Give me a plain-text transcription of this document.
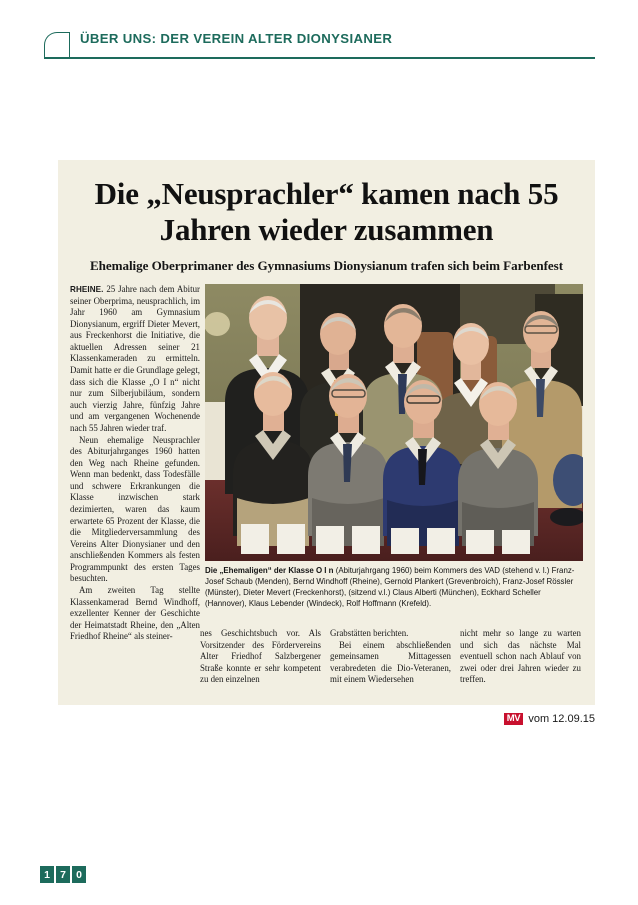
ÜBER UNS: DER VEREIN ALTER DIONYSIANER
Die „Neusprachler“ kamen nach 55 Jahren wieder zusammen
Ehemalige Oberprimaner des Gymnasiums Dionysianum trafen sich beim Farbenfest

RHEINE. 25 Jahre nach dem Abitur seiner Oberprima, neusprachlich, im Jahr 1960 am Gymnasium Dionysianum, ergriff Dieter Mevert, aus Freckenhorst die Initiative, die aktuellen Adressen seiner 21 Klassenkameraden zu ermitteln. Damit hatte er die Grundlage gelegt, dass sich die Klasse „O I n“ nicht nur zum Silberjubiläum, sondern auch vierzig Jahre, fünfzig Jahre und am vergangenen Wochenende nach 55 Jahren wieder traf.

Neun ehemalige Neusprachler des Abiturjahrganges 1960 hatten den Weg nach Rheine gefunden. Wenn man bedenkt, dass Todesfälle und schwere Erkrankungen die Klasse inzwischen stark dezimierten, waren das kaum erwartete 65 Prozent der Klasse, die die Mitgliederversammlung des Vereins Alter Dionysianer und den anschließenden Kommers als festen Programmpunkt des ersten Tages besuchten.

Am zweiten Tag stellte Klassenkamerad Bernd Windhoff, exzellenter Kenner der Geschichte der Heimatstadt Rheine, den „Alten Friedhof Rheine“ als steiner-

Die „Ehemaligen“ der Klasse O I n (Abiturjahrgang 1960) beim Kommers des VAD (stehend v. l.) Franz-Josef Schaub (Menden), Bernd Windhoff (Rheine), Gernold Plankert (Grevenbroich), Franz-Josef Rössler (Münster), Dieter Mevert (Freckenhorst), (sitzend v.l.) Claus Alberti (München), Eckhard Scheller (Hannover), Klaus Lebender (Windeck), Rolf Hoffmann (Krefeld).

nes Geschichtsbuch vor. Als Vorsitzender des Fördervereins Alter Friedhof Salzbergener Straße konnte er sehr kompetent zu den einzelnen

Grabstätten berichten.

Bei einem abschließenden gemeinsamen Mittagessen verabredeten die Dio-Veteranen, mit einem Wiedersehen

nicht mehr so lange zu warten und sich das nächste Mal eventuell schon nach Ablauf von zwei oder drei Jahren wieder zu treffen.

MV vom 12.09.15
1 7 0
